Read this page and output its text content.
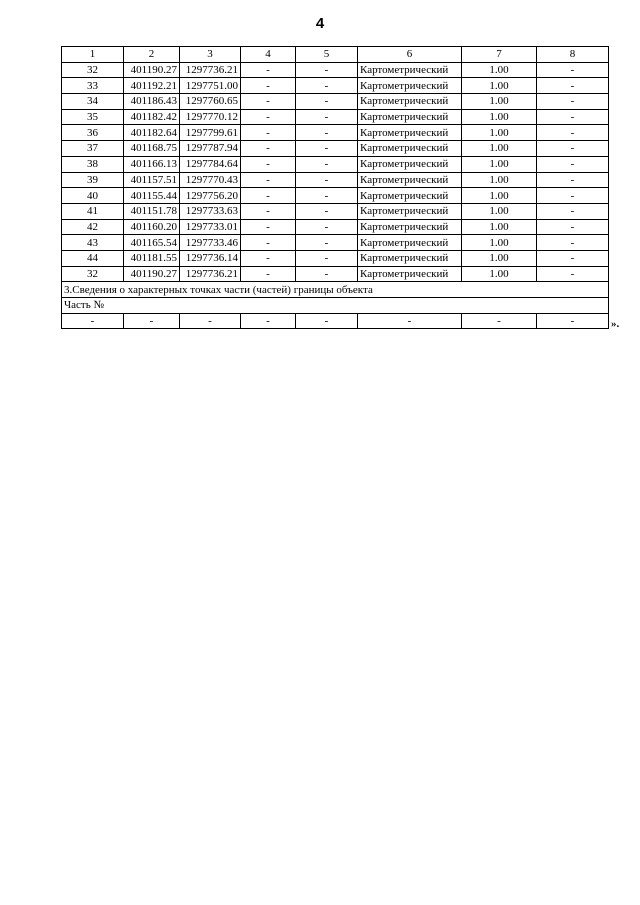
4
1	2	3	4	5	6	7	8
32	401190.27	1297736.21	-	-	Картометрический	1.00	-
33	401192.21	1297751.00	-	-	Картометрический	1.00	-
34	401186.43	1297760.65	-	-	Картометрический	1.00	-
35	401182.42	1297770.12	-	-	Картометрический	1.00	-
36	401182.64	1297799.61	-	-	Картометрический	1.00	-
37	401168.75	1297787.94	-	-	Картометрический	1.00	-
38	401166.13	1297784.64	-	-	Картометрический	1.00	-
39	401157.51	1297770.43	-	-	Картометрический	1.00	-
40	401155.44	1297756.20	-	-	Картометрический	1.00	-
41	401151.78	1297733.63	-	-	Картометрический	1.00	-
42	401160.20	1297733.01	-	-	Картометрический	1.00	-
43	401165.54	1297733.46	-	-	Картометрический	1.00	-
44	401181.55	1297736.14	-	-	Картометрический	1.00	-
32	401190.27	1297736.21	-	-	Картометрический	1.00	-
3.Сведения о характерных точках части (частей) границы объекта							
Часть №							
-	-	-	-	-	-	-	-	».
